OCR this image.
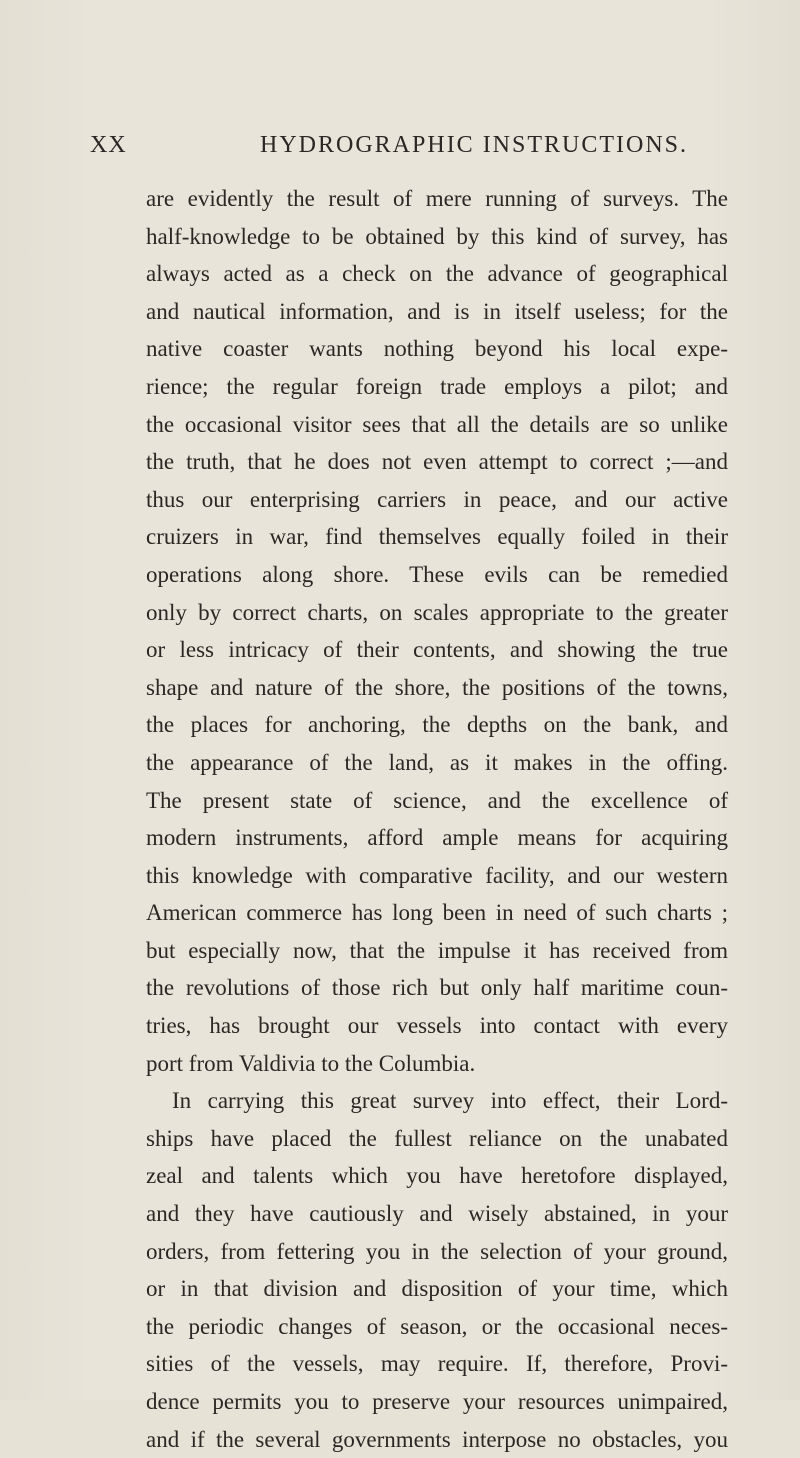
XX	HYDROGRAPHIC INSTRUCTIONS.
are evidently the result of mere running of surveys. The
half-knowledge to be obtained by this kind of survey, has
always acted as a check on the advance of geographical
and nautical information, and is in itself useless; for the
native coaster wants nothing beyond his local expe-
rience; the regular foreign trade employs a pilot; and
the occasional visitor sees that all the details are so unlike
the truth, that he does not even attempt to correct ;—and
thus our enterprising carriers in peace, and our active
cruizers in war, find themselves equally foiled in their
operations along shore. These evils can be remedied
only by correct charts, on scales appropriate to the greater
or less intricacy of their contents, and showing the true
shape and nature of the shore, the positions of the towns,
the places for anchoring, the depths on the bank, and
the appearance of the land, as it makes in the offing.
The present state of science, and the excellence of
modern instruments, afford ample means for acquiring
this knowledge with comparative facility, and our western
American commerce has long been in need of such charts ;
but especially now, that the impulse it has received from
the revolutions of those rich but only half maritime coun-
tries, has brought our vessels into contact with every
port from Valdivia to the Columbia.
In carrying this great survey into effect, their Lord-
ships have placed the fullest reliance on the unabated
zeal and talents which you have heretofore displayed,
and they have cautiously and wisely abstained, in your
orders, from fettering you in the selection of your ground,
or in that division and disposition of your time, which
the periodic changes of season, or the occasional neces-
sities of the vessels, may require. If, therefore, Provi-
dence permits you to preserve your resources unimpaired,
and if the several governments interpose no obstacles, you
